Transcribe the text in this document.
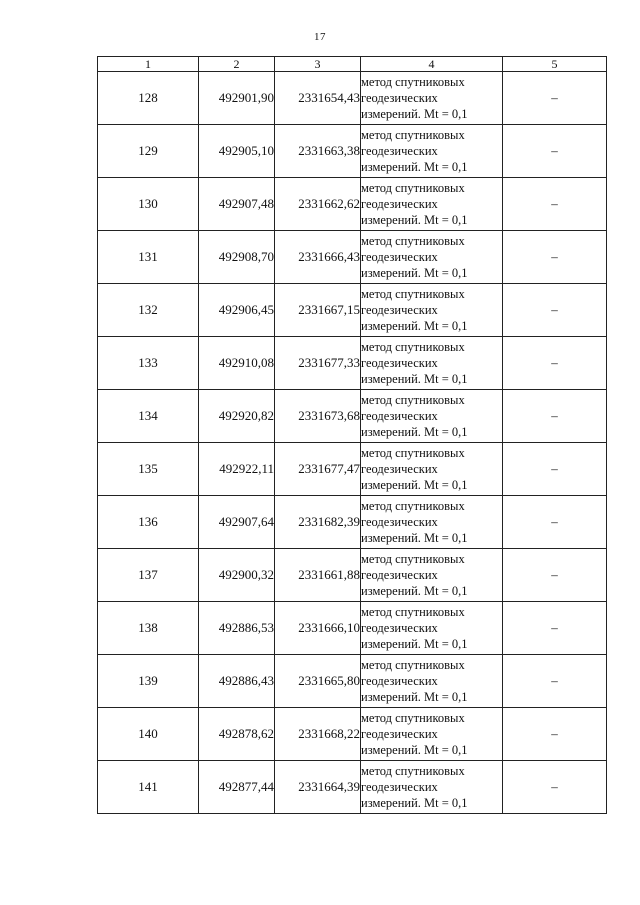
17
1	2	3	4	5
128	492901,90	2331654,43	метод спутниковых
геодезических
измерений. Mt = 0,1	–
129	492905,10	2331663,38	метод спутниковых
геодезических
измерений. Mt = 0,1	–
130	492907,48	2331662,62	метод спутниковых
геодезических
измерений. Mt = 0,1	–
131	492908,70	2331666,43	метод спутниковых
геодезических
измерений. Mt = 0,1	–
132	492906,45	2331667,15	метод спутниковых
геодезических
измерений. Mt = 0,1	–
133	492910,08	2331677,33	метод спутниковых
геодезических
измерений. Mt = 0,1	–
134	492920,82	2331673,68	метод спутниковых
геодезических
измерений. Mt = 0,1	–
135	492922,11	2331677,47	метод спутниковых
геодезических
измерений. Mt = 0,1	–
136	492907,64	2331682,39	метод спутниковых
геодезических
измерений. Mt = 0,1	–
137	492900,32	2331661,88	метод спутниковых
геодезических
измерений. Mt = 0,1	–
138	492886,53	2331666,10	метод спутниковых
геодезических
измерений. Mt = 0,1	–
139	492886,43	2331665,80	метод спутниковых
геодезических
измерений. Mt = 0,1	–
140	492878,62	2331668,22	метод спутниковых
геодезических
измерений. Mt = 0,1	–
141	492877,44	2331664,39	метод спутниковых
геодезических
измерений. Mt = 0,1	–
